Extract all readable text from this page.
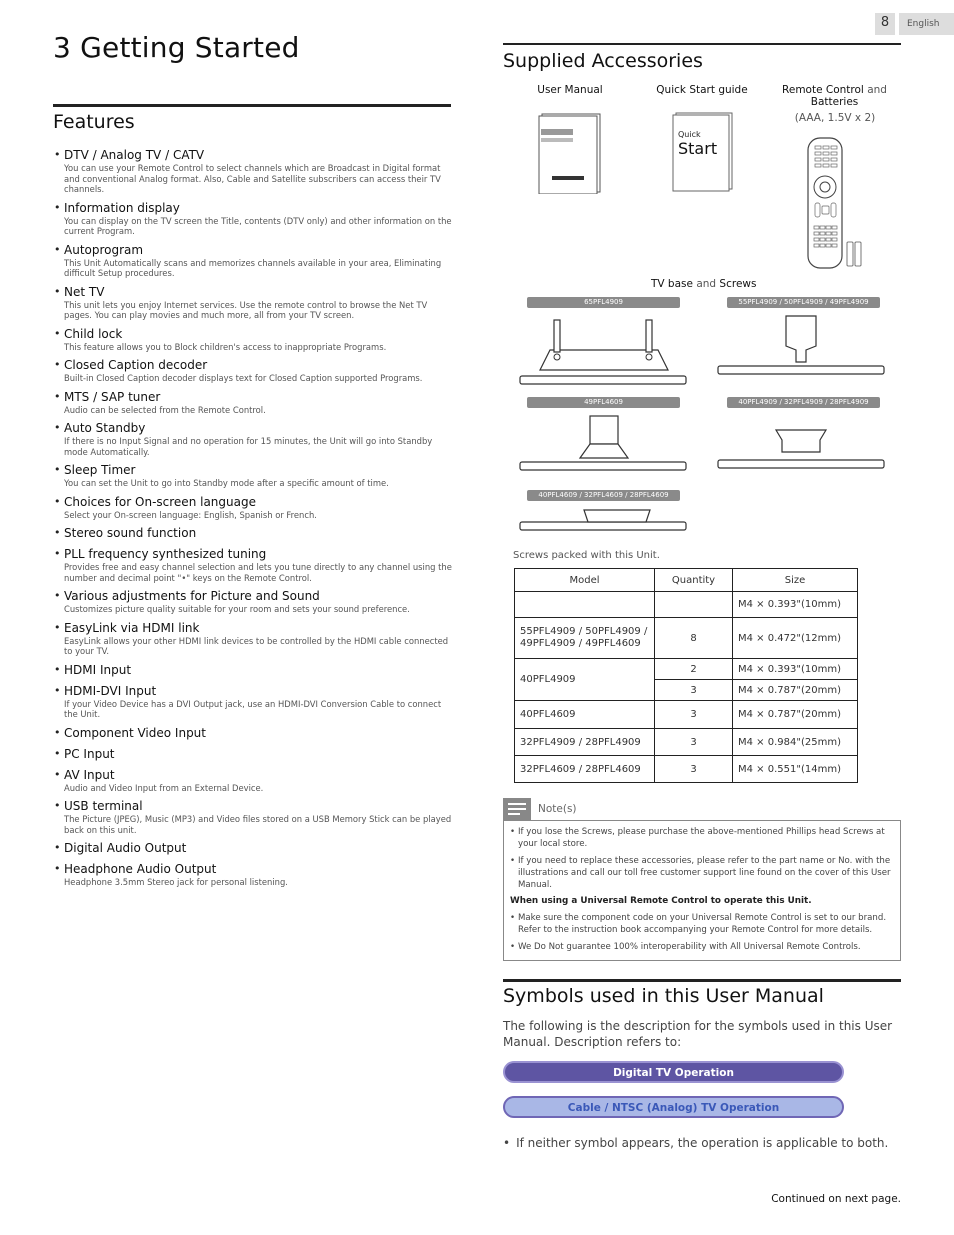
8	English
3 Getting Started
Features
• DTV / Analog TV / CATV
You can use your Remote Control to select channels which are Broadcast in Digital format and conventional Analog format. Also, Cable and Satellite subscribers can access their TV channels.
• Information display
You can display on the TV screen the Title, contents (DTV only) and other information on the current Program.
• Autoprogram
This Unit Automatically scans and memorizes channels available in your area, Eliminating difficult Setup procedures.
• Net TV
This unit lets you enjoy Internet services. Use the remote control to browse the Net TV pages. You can play movies and much more, all from your TV screen.
• Child lock
This feature allows you to Block children's access to inappropriate Programs.
• Closed Caption decoder
Built-in Closed Caption decoder displays text for Closed Caption supported Programs.
• MTS / SAP tuner
Audio can be selected from the Remote Control.
• Auto Standby
If there is no Input Signal and no operation for 15 minutes, the Unit will go into Standby mode Automatically.
• Sleep Timer
You can set the Unit to go into Standby mode after a specific amount of time.
• Choices for On-screen language
Select your On-screen language: English, Spanish or French.
• Stereo sound function
• PLL frequency synthesized tuning
Provides free and easy channel selection and lets you tune directly to any channel using the number and decimal point "•" keys on the Remote Control.
• Various adjustments for Picture and Sound
Customizes picture quality suitable for your room and sets your sound preference.
• EasyLink via HDMI link
EasyLink allows your other HDMI link devices to be controlled by the HDMI cable connected to your TV.
• HDMI Input
• HDMI-DVI Input
If your Video Device has a DVI Output jack, use an HDMI-DVI Conversion Cable to connect the Unit.
• Component Video Input
• PC Input
• AV Input
Audio and Video Input from an External Device.
• USB terminal
The Picture (JPEG), Music (MP3) and Video files stored on a USB Memory Stick can be played back on this unit.
• Digital Audio Output
• Headphone Audio Output
Headphone 3.5mm Stereo jack for personal listening.
Supplied Accessories
User Manual	Quick Start guide	Remote Control and
Batteries
(AAA, 1.5V x 2)
Quick
Start
TV base and Screws
65PFL4909	55PFL4909 / 50PFL4909 / 49PFL4909
49PFL4609	40PFL4909 / 32PFL4909 / 28PFL4909
40PFL4609 / 32PFL4609 / 28PFL4609
Screws packed with this Unit.
Model	Quantity	Size
		M4 × 0.393"(10mm)
55PFL4909 / 50PFL4909 / 49PFL4909 / 49PFL4609	8	M4 × 0.472"(12mm)
40PFL4909	2	M4 × 0.393"(10mm)
	3	M4 × 0.787"(20mm)
40PFL4609	3	M4 × 0.787"(20mm)
32PFL4909 / 28PFL4909	3	M4 × 0.984"(25mm)
32PFL4609 / 28PFL4609	3	M4 × 0.551"(14mm)
Note(s)
• If you lose the Screws, please purchase the above-mentioned Phillips head Screws at your local store.
• If you need to replace these accessories, please refer to the part name or No. with the illustrations and call our toll free customer support line found on the cover of this User Manual.
When using a Universal Remote Control to operate this Unit.
• Make sure the component code on your Universal Remote Control is set to our brand. Refer to the instruction book accompanying your Remote Control for more details.
• We Do Not guarantee 100% interoperability with All Universal Remote Controls.
Symbols used in this User Manual
The following is the description for the symbols used in this User Manual. Description refers to:
Digital TV Operation
Cable / NTSC (Analog) TV Operation
• If neither symbol appears, the operation is applicable to both.
Continued on next page.
